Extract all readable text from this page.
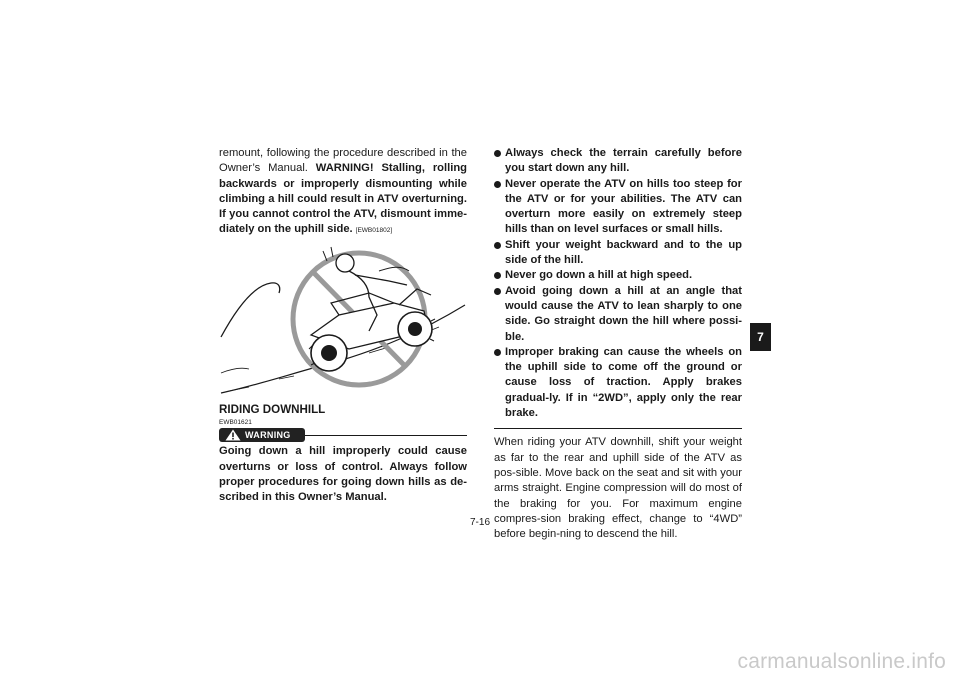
remount, following the procedure described in the Owner’s Manual. WARNING! Stalling, rolling backwards or improperly dismounting while climbing a hill could result in ATV overturning. If you cannot control the ATV, dismount imme-diately on the uphill side. [EWB01802]

RIDING DOWNHILL
EWB01621
WARNING

Going down a hill improperly could cause overturns or loss of control. Always follow proper procedures for going down hills as de-scribed in this Owner’s Manual.

Always check the terrain carefully before you start down any hill.
Never operate the ATV on hills too steep for the ATV or for your abilities. The ATV can overturn more easily on extremely steep hills than on level surfaces or small hills.
Shift your weight backward and to the up side of the hill.
Never go down a hill at high speed.
Avoid going down a hill at an angle that would cause the ATV to lean sharply to one side. Go straight down the hill where possi-ble.
Improper braking can cause the wheels on the uphill side to come off the ground or cause loss of traction. Apply brakes gradual-ly. If in “2WD”, apply only the rear brake.

When riding your ATV downhill, shift your weight as far to the rear and uphill side of the ATV as pos-sible. Move back on the seat and sit with your arms straight. Engine compression will do most of the braking for you. For maximum engine compres-sion braking effect, change to “4WD” before begin-ning to descend the hill.

7
7-16
carmanualsonline.info
